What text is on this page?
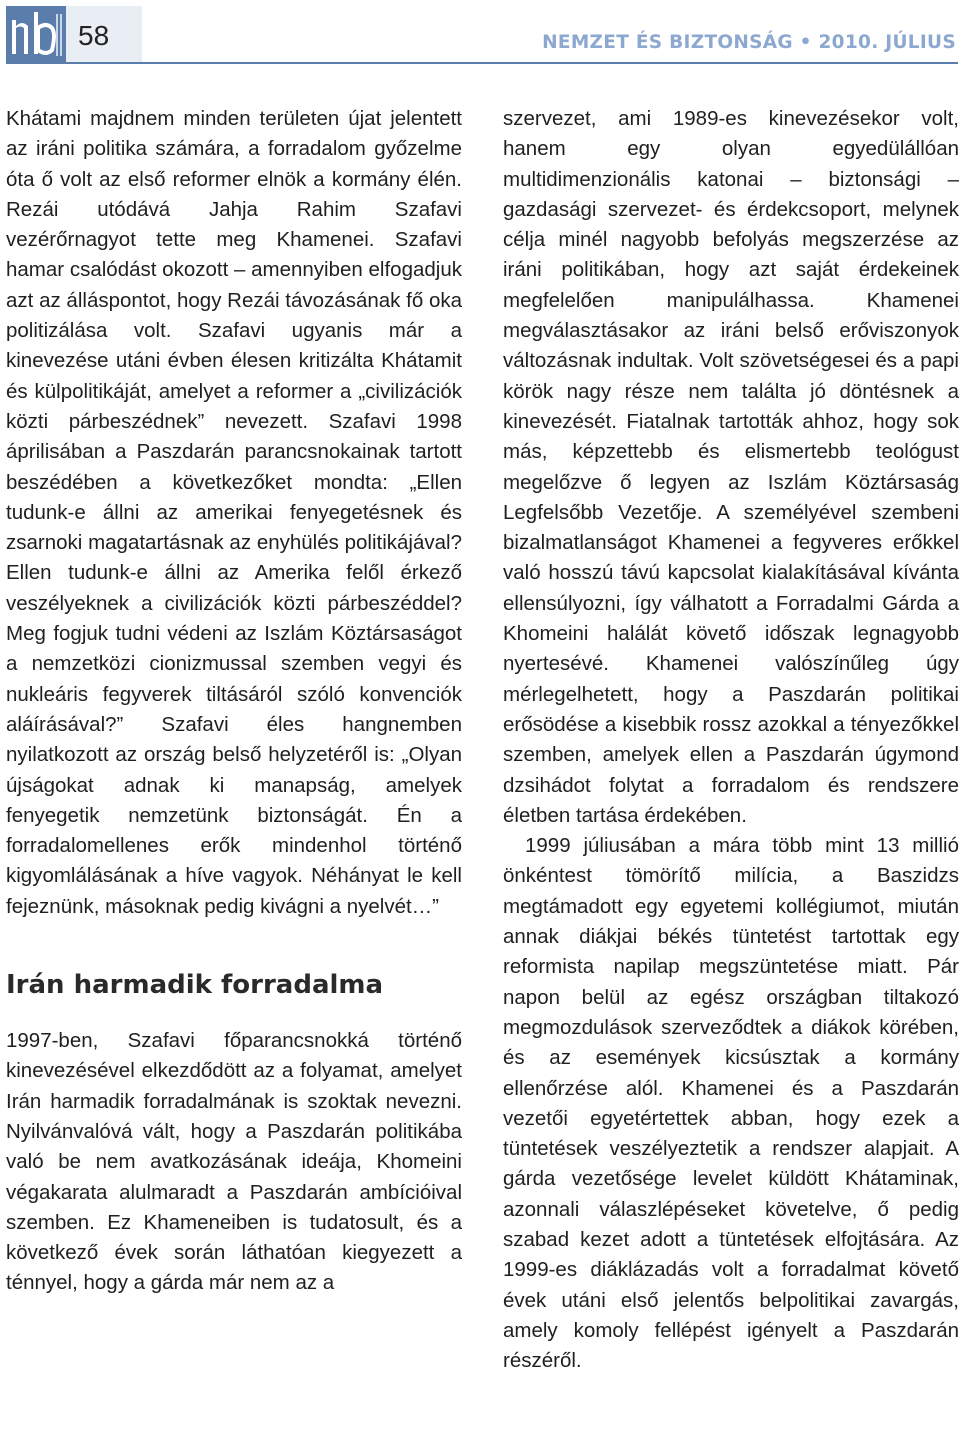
58	NEMZET ÉS BIZTONSÁG • 2010. JÚLIUS

Khátami majdnem minden területen újat jelentett az iráni politika számára, a forradalom győzelme óta ő volt az első reformer elnök a kormány élén. Rezái utódává Jahja Rahim Szafavi vezérőrnagyot tette meg Khamenei. Szafavi hamar csalódást okozott – amennyiben elfogadjuk azt az álláspontot, hogy Rezái távozásának fő oka politizálása volt. Szafavi ugyanis már a kinevezése utáni évben élesen kritizálta Khátamit és külpolitikáját, amelyet a reformer a „civilizációk közti párbeszédnek” nevezett. Szafavi 1998 áprilisában a Paszdarán parancsnokainak tartott beszédében a következőket mondta: „Ellen tudunk-e állni az amerikai fenyegetésnek és zsarnoki magatartásnak az enyhülés politikájával? Ellen tudunk-e állni az Amerika felől érkező veszélyeknek a civilizációk közti párbeszéddel? Meg fogjuk tudni védeni az Iszlám Köztársaságot a nemzetközi cionizmussal szemben vegyi és nukleáris fegyverek tiltásáról szóló konvenciók aláírásával?” Szafavi éles hangnemben nyilatkozott az ország belső helyzetéről is: „Olyan újságokat adnak ki manapság, amelyek fenyegetik nemzetünk biztonságát. Én a forradalomellenes erők mindenhol történő kigyomlálásának a híve vagyok. Néhányat le kell fejeznünk, másoknak pedig kivágni a nyelvét…”

Irán harmadik forradalma

1997-ben, Szafavi főparancsnokká történő kinevezésével elkezdődött az a folyamat, amelyet Irán harmadik forradalmának is szoktak nevezni. Nyilvánvalóvá vált, hogy a Paszdarán politikába való be nem avatkozásának ideája, Khomeini végakarata alulmaradt a Paszdarán ambícióival szemben. Ez Khameneiben is tudatosult, és a következő évek során láthatóan kiegyezett a ténnyel, hogy a gárda már nem az a

szervezet, ami 1989-es kinevezésekor volt, hanem egy olyan egyedülállóan multidimenzionális katonai – biztonsági – gazdasági szervezet- és érdekcsoport, melynek célja minél nagyobb befolyás megszerzése az iráni politikában, hogy azt saját érdekeinek megfelelően manipulálhassa. Khamenei megválasztásakor az iráni belső erőviszonyok változásnak indultak. Volt szövetségesei és a papi körök nagy része nem találta jó döntésnek a kinevezését. Fiatalnak tartották ahhoz, hogy sok más, képzettebb és elismertebb teológust megelőzve ő legyen az Iszlám Köztársaság Legfelsőbb Vezetője. A személyével szembeni bizalmatlanságot Khamenei a fegyveres erőkkel való hosszú távú kapcsolat kialakításával kívánta ellensúlyozni, így válhatott a Forradalmi Gárda a Khomeini halálát követő időszak legnagyobb nyertesévé. Khamenei valószínűleg úgy mérlegelhetett, hogy a Paszdarán politikai erősödése a kisebbik rossz azokkal a tényezőkkel szemben, amelyek ellen a Paszdarán úgymond dzsihádot folytat a forradalom és rendszere életben tartása érdekében.

1999 júliusában a mára több mint 13 millió önkéntest tömörítő milícia, a Baszidzs megtámadott egy egyetemi kollégiumot, miután annak diákjai békés tüntetést tartottak egy reformista napilap megszüntetése miatt. Pár napon belül az egész országban tiltakozó megmozdulások szerveződtek a diákok körében, és az események kicsúsztak a kormány ellenőrzése alól. Khamenei és a Paszdarán vezetői egyetértettek abban, hogy ezek a tüntetések veszélyeztetik a rendszer alapjait. A gárda vezetősége levelet küldött Khátaminak, azonnali válaszlépéseket követelve, ő pedig szabad kezet adott a tüntetések elfojtására. Az 1999-es diáklázadás volt a forradalmat követő évek utáni első jelentős belpolitikai zavargás, amely komoly fellépést igényelt a Paszdarán részéről.
